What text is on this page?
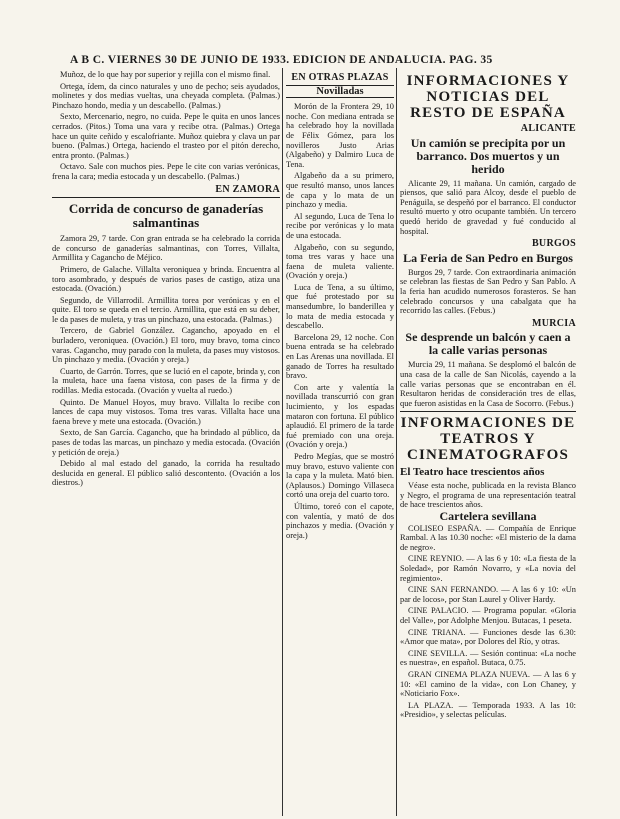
A B C. VIERNES 30 DE JUNIO DE 1933. EDICION DE ANDALUCIA. PAG. 35

Muñoz, de lo que hay por superior y rejilla con el mismo final.

Ortega, ídem, da cinco naturales y uno de pecho; seis ayudados, molinetes y dos medias vueltas, una cheyada completa. (Palmas.) Pinchazo hondo, media y un descabello. (Palmas.)

Sexto, Mercenario, negro, no cuida. Pepe le quita en unos lances cerrados. (Pitos.) Toma una vara y recibe otra. (Palmas.) Ortega hace un quite ceñido y escalofriante. Muñoz quiebra y clava un par bueno. (Palmas.) Ortega, haciendo el trasteo por el pitón derecho, entra pronto. (Palmas.)

Octavo. Sale con muchos pies. Pepe le cite con varias verónicas, frena la cara; media estocada y un descabello. (Palmas.)

EN ZAMORA
Corrida de concurso de ganaderías salmantinas

Zamora 29, 7 tarde. Con gran entrada se ha celebrado la corrida de concurso de ganaderías salmantinas, con Torres, Villalta, Armillita y Cagancho de Méjico.

Primero, de Galache. Villalta veroniquea y brinda. Encuentra al toro asombrado, y después de varios pases de castigo, atiza una estocada. (Ovación.)

Segundo, de Villarrodil. Armillita torea por verónicas y en el quite. El toro se queda en el tercio. Armillita, que está en su deber, le da pases de muleta, y tras un pinchazo, una estocada. (Palmas.)

Tercero, de Gabriel González. Cagancho, apoyado en el burladero, veroniquea. (Ovación.) El toro, muy bravo, toma cinco varas. Cagancho, muy parado con la muleta, da pases muy vistosos. Un pinchazo y media. (Ovación y oreja.)

Cuarto, de Garrón. Torres, que se lució en el capote, brinda y, con la muleta, hace una faena vistosa, con pases de la firma y de rodillas. Media estocada. (Ovación y vuelta al ruedo.)

Quinto. De Manuel Hoyos, muy bravo. Villalta lo recibe con lances de capa muy vistosos. Toma tres varas. Villalta hace una faena breve y mete una estocada. (Ovación.)

Sexto, de San García. Cagancho, que ha brindado al público, da pases de todas las marcas, un pinchazo y media estocada. (Ovación y petición de oreja.)

Debido al mal estado del ganado, la corrida ha resultado deslucida en general. El público salió descontento. (Ovación a los diestros.)

EN OTRAS PLAZAS
Novilladas

Morón de la Frontera 29, 10 noche. Con mediana entrada se ha celebrado hoy la novillada de Félix Gómez, para los novilleros Justo Arias (Algabeño) y Dalmiro Luca de Tena.

Algabeño da a su primero, que resultó manso, unos lances de capa y lo mata de un pinchazo y media.

Al segundo, Luca de Tena lo recibe por verónicas y lo mata de una estocada.

Algabeño, con su segundo, toma tres varas y hace una faena de muleta valiente. (Ovación y oreja.)

Luca de Tena, a su último, que fué protestado por su mansedumbre, lo banderillea y lo mata de media estocada y descabello.

Barcelona 29, 12 noche. Con buena entrada se ha celebrado en Las Arenas una novillada. El ganado de Torres ha resultado bravo.

Con arte y valentía la novillada transcurrió con gran lucimiento, y los espadas mataron con fortuna. El público aplaudió. El primero de la tarde fué premiado con una oreja. (Ovación y oreja.)

Pedro Megías, que se mostró muy bravo, estuvo valiente con la capa y la muleta. Mató bien. (Aplausos.) Domingo Villaseca cortó una oreja del cuarto toro.

Último, toreó con el capote, con valentía, y mató de dos pinchazos y media. (Ovación y oreja.)

INFORMACIONES Y NOTICIAS DEL RESTO DE ESPAÑA
ALICANTE
Un camión se precipita por un barranco. Dos muertos y un herido

Alicante 29, 11 mañana. Un camión, cargado de piensos, que salió para Alcoy, desde el pueblo de Penáguila, se despeñó por el barranco. El conductor resultó muerto y otro ocupante también. Un tercero quedó herido de gravedad y fué conducido al hospital.

BURGOS
La Feria de San Pedro en Burgos

Burgos 29, 7 tarde. Con extraordinaria animación se celebran las fiestas de San Pedro y San Pablo. A la feria han acudido numerosos forasteros. Se han celebrado concursos y una cabalgata que ha recorrido las calles. (Febus.)

MURCIA
Se desprende un balcón y caen a la calle varias personas

Murcia 29, 11 mañana. Se desplomó el balcón de una casa de la calle de San Nicolás, cayendo a la calle varias personas que se encontraban en él. Resultaron heridas de consideración tres de ellas, que fueron asistidas en la Casa de Socorro. (Febus.)

INFORMACIONES DE TEATROS Y CINEMATOGRAFOS
El Teatro hace trescientos años

Véase esta noche, publicada en la revista Blanco y Negro, el programa de una representación teatral de hace trescientos años.

Cartelera sevillana

COLISEO ESPAÑA. — Compañía de Enrique Rambal. A las 10.30 noche: «El misterio de la dama de negro».

CINE REYNIO. — A las 6 y 10: «La fiesta de la Soledad», por Ramón Novarro, y «La novia del regimiento».

CINE SAN FERNANDO. — A las 6 y 10: «Un par de locos», por Stan Laurel y Oliver Hardy.

CINE PALACIO. — Programa popular. «Gloria del Valle», por Adolphe Menjou. Butacas, 1 peseta.

CINE TRIANA. — Funciones desde las 6.30: «Amor que mata», por Dolores del Río, y otras.

CINE SEVILLA. — Sesión continua: «La noche es nuestra», en español. Butaca, 0.75.

GRAN CINEMA PLAZA NUEVA. — A las 6 y 10: «El camino de la vida», con Lon Chaney, y «Noticiario Fox».

LA PLAZA. — Temporada 1933. A las 10: «Presidio», y selectas películas.
